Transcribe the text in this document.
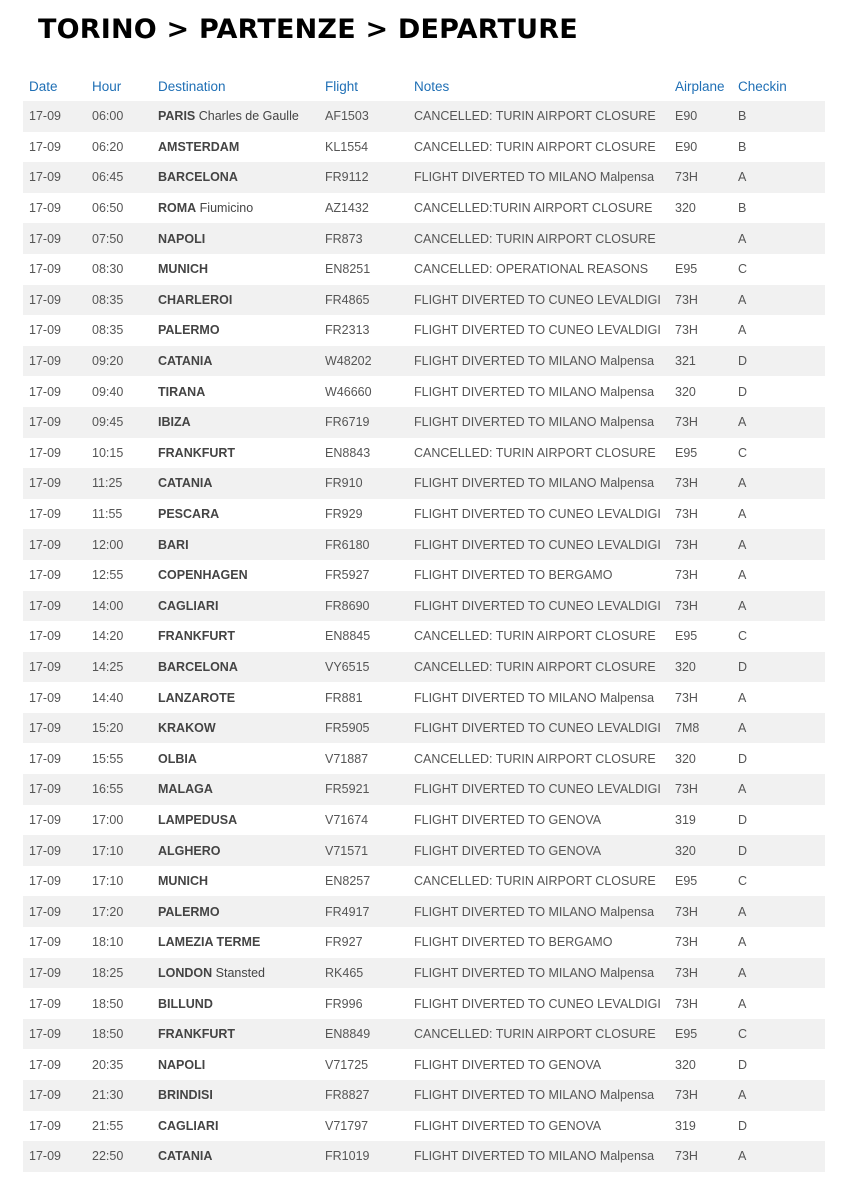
TORINO > PARTENZE > DEPARTURE
Date	Hour	Destination	Flight	Notes	Airplane	Checkin
17-09	06:00	PARIS Charles de Gaulle	AF1503	CANCELLED: TURIN AIRPORT CLOSURE	E90	B
17-09	06:20	AMSTERDAM	KL1554	CANCELLED: TURIN AIRPORT CLOSURE	E90	B
17-09	06:45	BARCELONA	FR9112	FLIGHT DIVERTED TO MILANO Malpensa	73H	A
17-09	06:50	ROMA Fiumicino	AZ1432	CANCELLED:TURIN AIRPORT CLOSURE	320	B
17-09	07:50	NAPOLI	FR873	CANCELLED: TURIN AIRPORT CLOSURE		A
17-09	08:30	MUNICH	EN8251	CANCELLED: OPERATIONAL REASONS	E95	C
17-09	08:35	CHARLEROI	FR4865	FLIGHT DIVERTED TO CUNEO LEVALDIGI	73H	A
17-09	08:35	PALERMO	FR2313	FLIGHT DIVERTED TO CUNEO LEVALDIGI	73H	A
17-09	09:20	CATANIA	W48202	FLIGHT DIVERTED TO MILANO Malpensa	321	D
17-09	09:40	TIRANA	W46660	FLIGHT DIVERTED TO MILANO Malpensa	320	D
17-09	09:45	IBIZA	FR6719	FLIGHT DIVERTED TO MILANO Malpensa	73H	A
17-09	10:15	FRANKFURT	EN8843	CANCELLED: TURIN AIRPORT CLOSURE	E95	C
17-09	11:25	CATANIA	FR910	FLIGHT DIVERTED TO MILANO Malpensa	73H	A
17-09	11:55	PESCARA	FR929	FLIGHT DIVERTED TO CUNEO LEVALDIGI	73H	A
17-09	12:00	BARI	FR6180	FLIGHT DIVERTED TO CUNEO LEVALDIGI	73H	A
17-09	12:55	COPENHAGEN	FR5927	FLIGHT DIVERTED TO BERGAMO	73H	A
17-09	14:00	CAGLIARI	FR8690	FLIGHT DIVERTED TO CUNEO LEVALDIGI	73H	A
17-09	14:20	FRANKFURT	EN8845	CANCELLED: TURIN AIRPORT CLOSURE	E95	C
17-09	14:25	BARCELONA	VY6515	CANCELLED: TURIN AIRPORT CLOSURE	320	D
17-09	14:40	LANZAROTE	FR881	FLIGHT DIVERTED TO MILANO Malpensa	73H	A
17-09	15:20	KRAKOW	FR5905	FLIGHT DIVERTED TO CUNEO LEVALDIGI	7M8	A
17-09	15:55	OLBIA	V71887	CANCELLED: TURIN AIRPORT CLOSURE	320	D
17-09	16:55	MALAGA	FR5921	FLIGHT DIVERTED TO CUNEO LEVALDIGI	73H	A
17-09	17:00	LAMPEDUSA	V71674	FLIGHT DIVERTED TO GENOVA	319	D
17-09	17:10	ALGHERO	V71571	FLIGHT DIVERTED TO GENOVA	320	D
17-09	17:10	MUNICH	EN8257	CANCELLED: TURIN AIRPORT CLOSURE	E95	C
17-09	17:20	PALERMO	FR4917	FLIGHT DIVERTED TO MILANO Malpensa	73H	A
17-09	18:10	LAMEZIA TERME	FR927	FLIGHT DIVERTED TO BERGAMO	73H	A
17-09	18:25	LONDON Stansted	RK465	FLIGHT DIVERTED TO MILANO Malpensa	73H	A
17-09	18:50	BILLUND	FR996	FLIGHT DIVERTED TO CUNEO LEVALDIGI	73H	A
17-09	18:50	FRANKFURT	EN8849	CANCELLED: TURIN AIRPORT CLOSURE	E95	C
17-09	20:35	NAPOLI	V71725	FLIGHT DIVERTED TO GENOVA	320	D
17-09	21:30	BRINDISI	FR8827	FLIGHT DIVERTED TO MILANO Malpensa	73H	A
17-09	21:55	CAGLIARI	V71797	FLIGHT DIVERTED TO GENOVA	319	D
17-09	22:50	CATANIA	FR1019	FLIGHT DIVERTED TO MILANO Malpensa	73H	A
